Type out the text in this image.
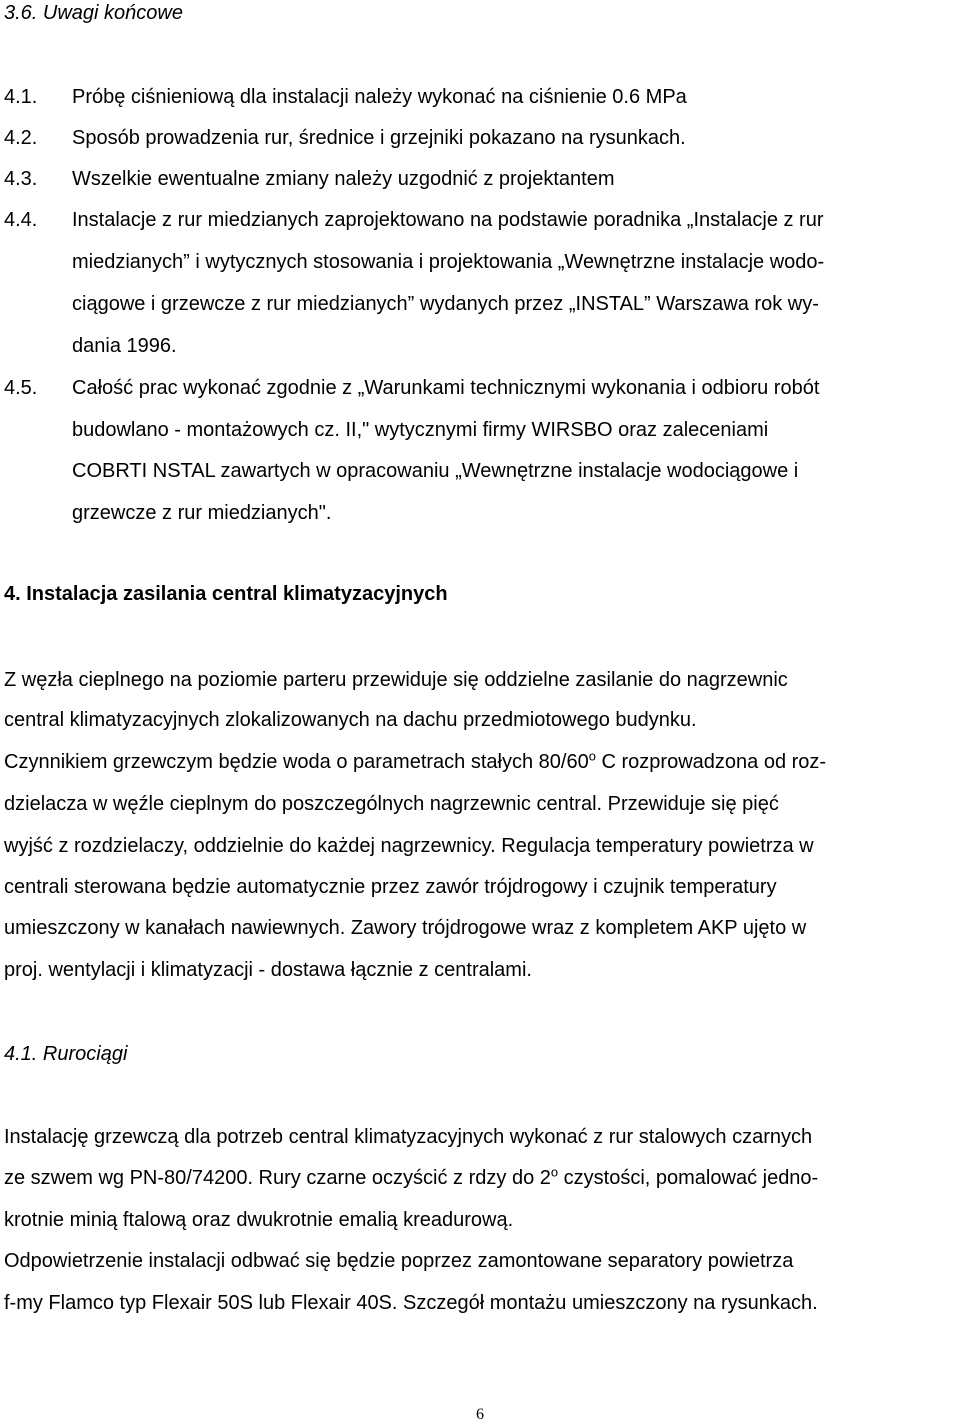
3.6. Uwagi końcowe
4.1. Próbę ciśnieniową dla instalacji należy wykonać na ciśnienie 0.6 MPa
4.2. Sposób prowadzenia rur, średnice i grzejniki pokazano na rysunkach.
4.3. Wszelkie ewentualne zmiany należy uzgodnić z projektantem
4.4. Instalacje z rur miedzianych zaprojektowano na podstawie poradnika „Instalacje z rur
miedzianych” i wytycznych stosowania i projektowania „Wewnętrzne instalacje wodo-
ciągowe i grzewcze z rur miedzianych” wydanych przez „INSTAL” Warszawa rok wy-
dania 1996.
4.5. Całość prac wykonać zgodnie z „Warunkami technicznymi wykonania i odbioru robót
budowlano - montażowych cz. II," wytycznymi firmy WIRSBO oraz zaleceniami
COBRTI NSTAL zawartych w opracowaniu „Wewnętrzne instalacje wodociągowe i
grzewcze z rur miedzianych".
4. Instalacja zasilania central klimatyzacyjnych
Z węzła cieplnego na poziomie parteru przewiduje się oddzielne zasilanie do nagrzewnic
central klimatyzacyjnych zlokalizowanych na dachu przedmiotowego budynku.
Czynnikiem grzewczym będzie woda o parametrach stałych 80/60$^o$ C rozprowadzona od roz-
dzielacza w węźle cieplnym do poszczególnych nagrzewnic central. Przewiduje się pięć
wyjść z rozdzielaczy, oddzielnie do każdej nagrzewnicy. Regulacja temperatury powietrza w
centrali sterowana będzie automatycznie przez zawór trójdrogowy i czujnik temperatury
umieszczony w kanałach nawiewnych. Zawory trójdrogowe wraz z kompletem AKP ujęto w
proj. wentylacji i klimatyzacji - dostawa łącznie z centralami.
4.1. Rurociągi
Instalację grzewczą dla potrzeb central klimatyzacyjnych wykonać z rur stalowych czarnych
ze szwem wg PN-80/74200. Rury czarne oczyścić z rdzy do 2$^o$ czystości, pomalować jedno-
krotnie minią ftalową oraz dwukrotnie emalią kreadurową.
Odpowietrzenie instalacji odbwać się będzie poprzez zamontowane separatory powietrza
f-my Flamco typ Flexair 50S lub Flexair 40S. Szczegół montażu umieszczony na rysunkach.
6
